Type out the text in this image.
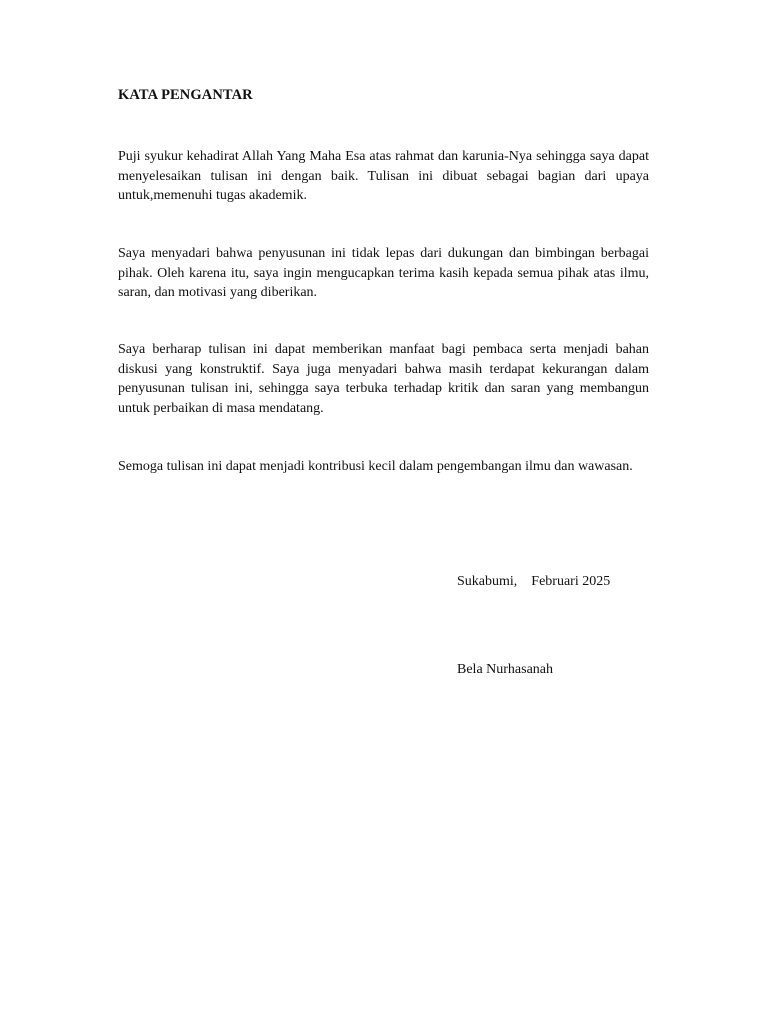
KATA PENGANTAR

Puji syukur kehadirat Allah Yang Maha Esa atas rahmat dan karunia-Nya sehingga saya dapat menyelesaikan tulisan ini dengan baik. Tulisan ini dibuat sebagai bagian dari upaya untuk,memenuhi tugas akademik.

Saya menyadari bahwa penyusunan ini tidak lepas dari dukungan dan bimbingan berbagai pihak. Oleh karena itu, saya ingin mengucapkan terima kasih kepada semua pihak atas ilmu, saran, dan motivasi yang diberikan.

Saya berharap tulisan ini dapat memberikan manfaat bagi pembaca serta menjadi bahan diskusi yang konstruktif. Saya juga menyadari bahwa masih terdapat kekurangan dalam penyusunan tulisan ini, sehingga saya terbuka terhadap kritik dan saran yang membangun untuk perbaikan di masa mendatang.

Semoga tulisan ini dapat menjadi kontribusi kecil dalam pengembangan ilmu dan wawasan.

Sukabumi,    Februari 2025
Bela Nurhasanah
